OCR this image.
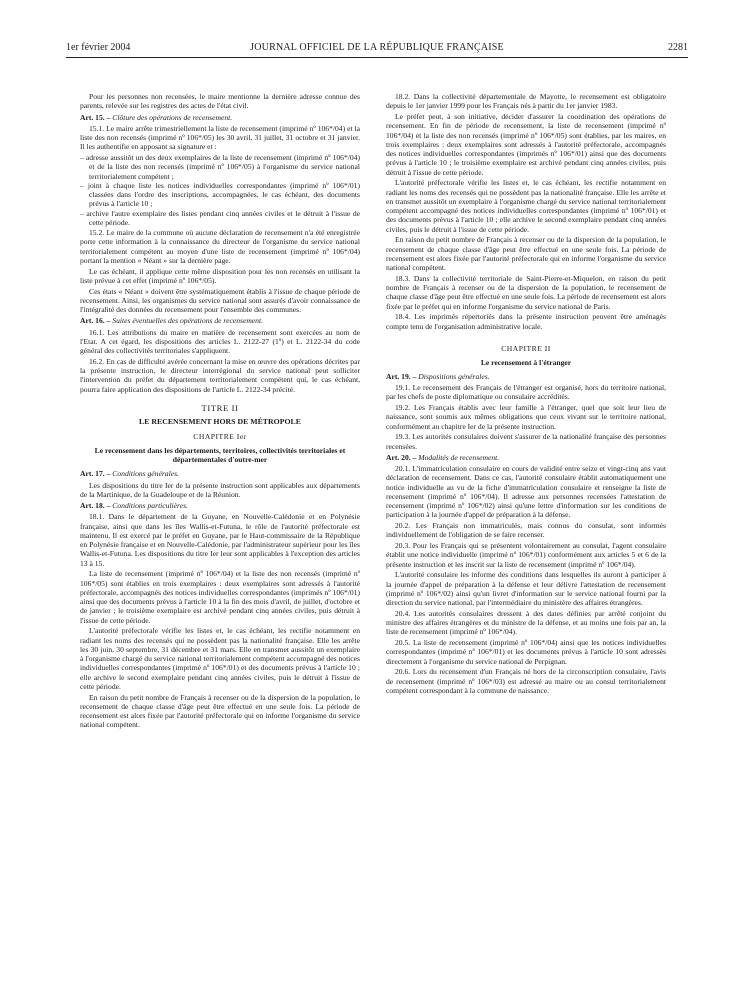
1er février 2004	JOURNAL OFFICIEL DE LA RÉPUBLIQUE FRANÇAISE	2281

Pour les personnes non recensées, le maire mentionne la dernière adresse connue des parents, relevée sur les registres des actes de l'état civil.

Art. 15. – Clôture des opérations de recensement.

15.1. Le maire arrête trimestriellement la liste de recensement (imprimé nº 106*/04) et la liste des non recensés (imprimé nº 106*/05) les 30 avril, 31 juillet, 31 octobre et 31 janvier. Il les authentifie en apposant sa signature et :

– adresse aussitôt un des deux exemplaires de la liste de recensement (imprimé nº 106*/04) et de la liste des non recensés (imprimé nº 106*/05) à l'organisme du service national territorialement compétent ;
– joint à chaque liste les notices individuelles correspondantes (imprimé nº 106*/01) classées dans l'ordre des inscriptions, accompagnées, le cas échéant, des documents prévus à l'article 10 ;
– archive l'autre exemplaire des listes pendant cinq années civiles et le détruit à l'issue de cette période.

15.2. Le maire de la commune où aucune déclaration de recensement n'a été enregistrée porte cette information à la connaissance du directeur de l'organisme du service national territorialement compétent au moyen d'une liste de recensement (imprimé nº 106*/04) portant la mention « Néant » sur la dernière page.

Le cas échéant, il applique cette même disposition pour les non recensés en utilisant la liste prévue à cet effet (imprimé nº 106*/05).

Ces états « Néant » doivent être systématiquement établis à l'issue de chaque période de recensement. Ainsi, les organismes du service national sont assurés d'avoir connaissance de l'intégralité des données du recensement pour l'ensemble des communes.

Art. 16. – Suites éventuelles des opérations de recensement.

16.1. Les attributions du maire en matière de recensement sont exercées au nom de l'Etat. A cet égard, les dispositions des articles L. 2122-27 (1º) et L. 2122-34 du code général des collectivités territoriales s'appliquent.

16.2. En cas de difficulté avérée concernant la mise en œuvre des opérations décrites par la présente instruction, le directeur interrégional du service national peut solliciter l'intervention du préfet du département territorialement compétent qui, le cas échéant, pourra faire application des dispositions de l'article L. 2122-34 précité.

TITRE II

LE RECENSEMENT HORS DE MÉTROPOLE

CHAPITRE Ier

Le recensement dans les départements, territoires, collectivités territoriales et départementales d'outre-mer

Art. 17. – Conditions générales.

Les dispositions du titre Ier de la présente instruction sont applicables aux départements de la Martinique, de la Guadeloupe et de la Réunion.

Art. 18. – Conditions particulières.

18.1. Dans le département de la Guyane, en Nouvelle-Calédonie et en Polynésie française, ainsi que dans les îles Wallis-et-Futuna, le rôle de l'autorité préfectorale est maintenu. Il est exercé par le préfet en Guyane, par le Haut-commissaire de la République en Polynésie française et en Nouvelle-Calédonie, par l'administrateur supérieur pour les îles Wallis-et-Futuna. Les dispositions du titre Ier leur sont applicables à l'exception des articles 13 à 15.

La liste de recensement (imprimé nº 106*/04) et la liste des non recensés (imprimé nº 106*/05) sont établies en trois exemplaires : deux exemplaires sont adressés à l'autorité préfectorale, accompagnés des notices individuelles correspondantes (imprimés nº 106*/01) ainsi que des documents prévus à l'article 10 à la fin des mois d'avril, de juillet, d'octobre et de janvier ; le troisième exemplaire est archivé pendant cinq années civiles, puis détruit à l'issue de cette période.

L'autorité préfectorale vérifie les listes et, le cas échéant, les rectifie notamment en radiant les noms des recensés qui ne possèdent pas la nationalité française. Elle les arrête les 30 juin, 30 septembre, 31 décembre et 31 mars. Elle en transmet aussitôt un exemplaire à l'organisme chargé du service national territorialement compétent accompagné des notices individuelles correspondantes (imprimé nº 106*/01) et des documents prévus à l'article 10 ; elle archive le second exemplaire pendant cinq années civiles, puis le détruit à l'issue de cette période.

En raison du petit nombre de Français à recenser ou de la dispersion de la population, le recensement de chaque classe d'âge peut être effectué en une seule fois. La période de recensement est alors fixée par l'autorité préfectorale qui en informe l'organisme du service national compétent.

18.2. Dans la collectivité départementale de Mayotte, le recensement est obligatoire depuis le 1er janvier 1999 pour les Français nés à partir du 1er janvier 1983.

Le préfet peut, à son initiative, décider d'assurer la coordination des opérations de recensement. En fin de période de recensement, la liste de recensement (imprimé nº 106*/04) et la liste des non recensés (imprimé nº 106*/05) sont établies, par les maires, en trois exemplaires : deux exemplaires sont adressés à l'autorité préfectorale, accompagnés des notices individuelles correspondantes (imprimés nº 106*/01) ainsi que des documents prévus à l'article 10 ; le troisième exemplaire est archivé pendant cinq années civiles, puis détruit à l'issue de cette période.

L'autorité préfectorale vérifie les listes et, le cas échéant, les rectifie notamment en radiant les noms des recensés qui ne possèdent pas la nationalité française. Elle les arrête et en transmet aussitôt un exemplaire à l'organisme chargé du service national territorialement compétent accompagné des notices individuelles correspondantes (imprimé nº 106*/01) et des documents prévus à l'article 10 ; elle archive le second exemplaire pendant cinq années civiles, puis le détruit à l'issue de cette période.

En raison du petit nombre de Français à recenser ou de la dispersion de la population, le recensement de chaque classe d'âge peut être effectué en une seule fois. La période de recensement est alors fixée par l'autorité préfectorale qui en informe l'organisme du service national compétent.

18.3. Dans la collectivité territoriale de Saint-Pierre-et-Miquelon, en raison du petit nombre de Français à recenser ou de la dispersion de la population, le recensement de chaque classe d'âge peut être effectué en une seule fois. La période de recensement est alors fixée par le préfet qui en informe l'organisme du service national de Paris.

18.4. Les imprimés répertoriés dans la présente instruction peuvent être aménagés compte tenu de l'organisation administrative locale.

CHAPITRE II

Le recensement à l'étranger

Art. 19. – Dispositions générales.

19.1. Le recensement des Français de l'étranger est organisé, hors du territoire national, par les chefs de poste diplomatique ou consulaire accrédités.

19.2. Les Français établis avec leur famille à l'étranger, quel que soit leur lieu de naissance, sont soumis aux mêmes obligations que ceux vivant sur le territoire national, conformément au chapitre Ier de la présente instruction.

19.3. Les autorités consulaires doivent s'assurer de la nationalité française des personnes recensées.

Art. 20. – Modalités de recensement.

20.1. L'immatriculation consulaire en cours de validité entre seize et vingt-cinq ans vaut déclaration de recensement. Dans ce cas, l'autorité consulaire établit automatiquement une notice individuelle au vu de la fiche d'immatriculation consulaire et renseigne la liste de recensement (imprimé nº 106*/04). Il adresse aux personnes recensées l'attestation de recensement (imprimé nº 106*/02) ainsi qu'une lettre d'information sur les conditions de participation à la journée d'appel de préparation à la défense.

20.2. Les Français non immatriculés, mais connus du consulat, sont informés individuellement de l'obligation de se faire recenser.

20.3. Pour les Français qui se présentent volontairement au consulat, l'agent consulaire établit une notice individuelle (imprimé nº 106*/01) conformément aux articles 5 et 6 de la présente instruction et les inscrit sur la liste de recensement (imprimé nº 106*/04).

L'autorité consulaire les informe des conditions dans lesquelles ils auront à participer à la journée d'appel de préparation à la défense et leur délivre l'attestation de recensement (imprimé nº 106*/02) ainsi qu'un livret d'information sur le service national fourni par la direction du service national, par l'intermédiaire du ministère des affaires étrangères.

20.4. Les autorités consulaires dressent à des dates définies par arrêté conjoint du ministre des affaires étrangères et du ministre de la défense, et au moins une fois par an, la liste de recensement (imprimé nº 106*/04).

20.5. La liste de recensement (imprimé nº 106*/04) ainsi que les notices individuelles correspondantes (imprimé nº 106*/01) et les documents prévus à l'article 10 sont adressés directement à l'organisme du service national de Perpignan.

20.6. Lors du recensement d'un Français né hors de la circonscription consulaire, l'avis de recensement (imprimé nº 106*/03) est adressé au maire ou au consul territorialement compétent correspondant à la commune de naissance.
